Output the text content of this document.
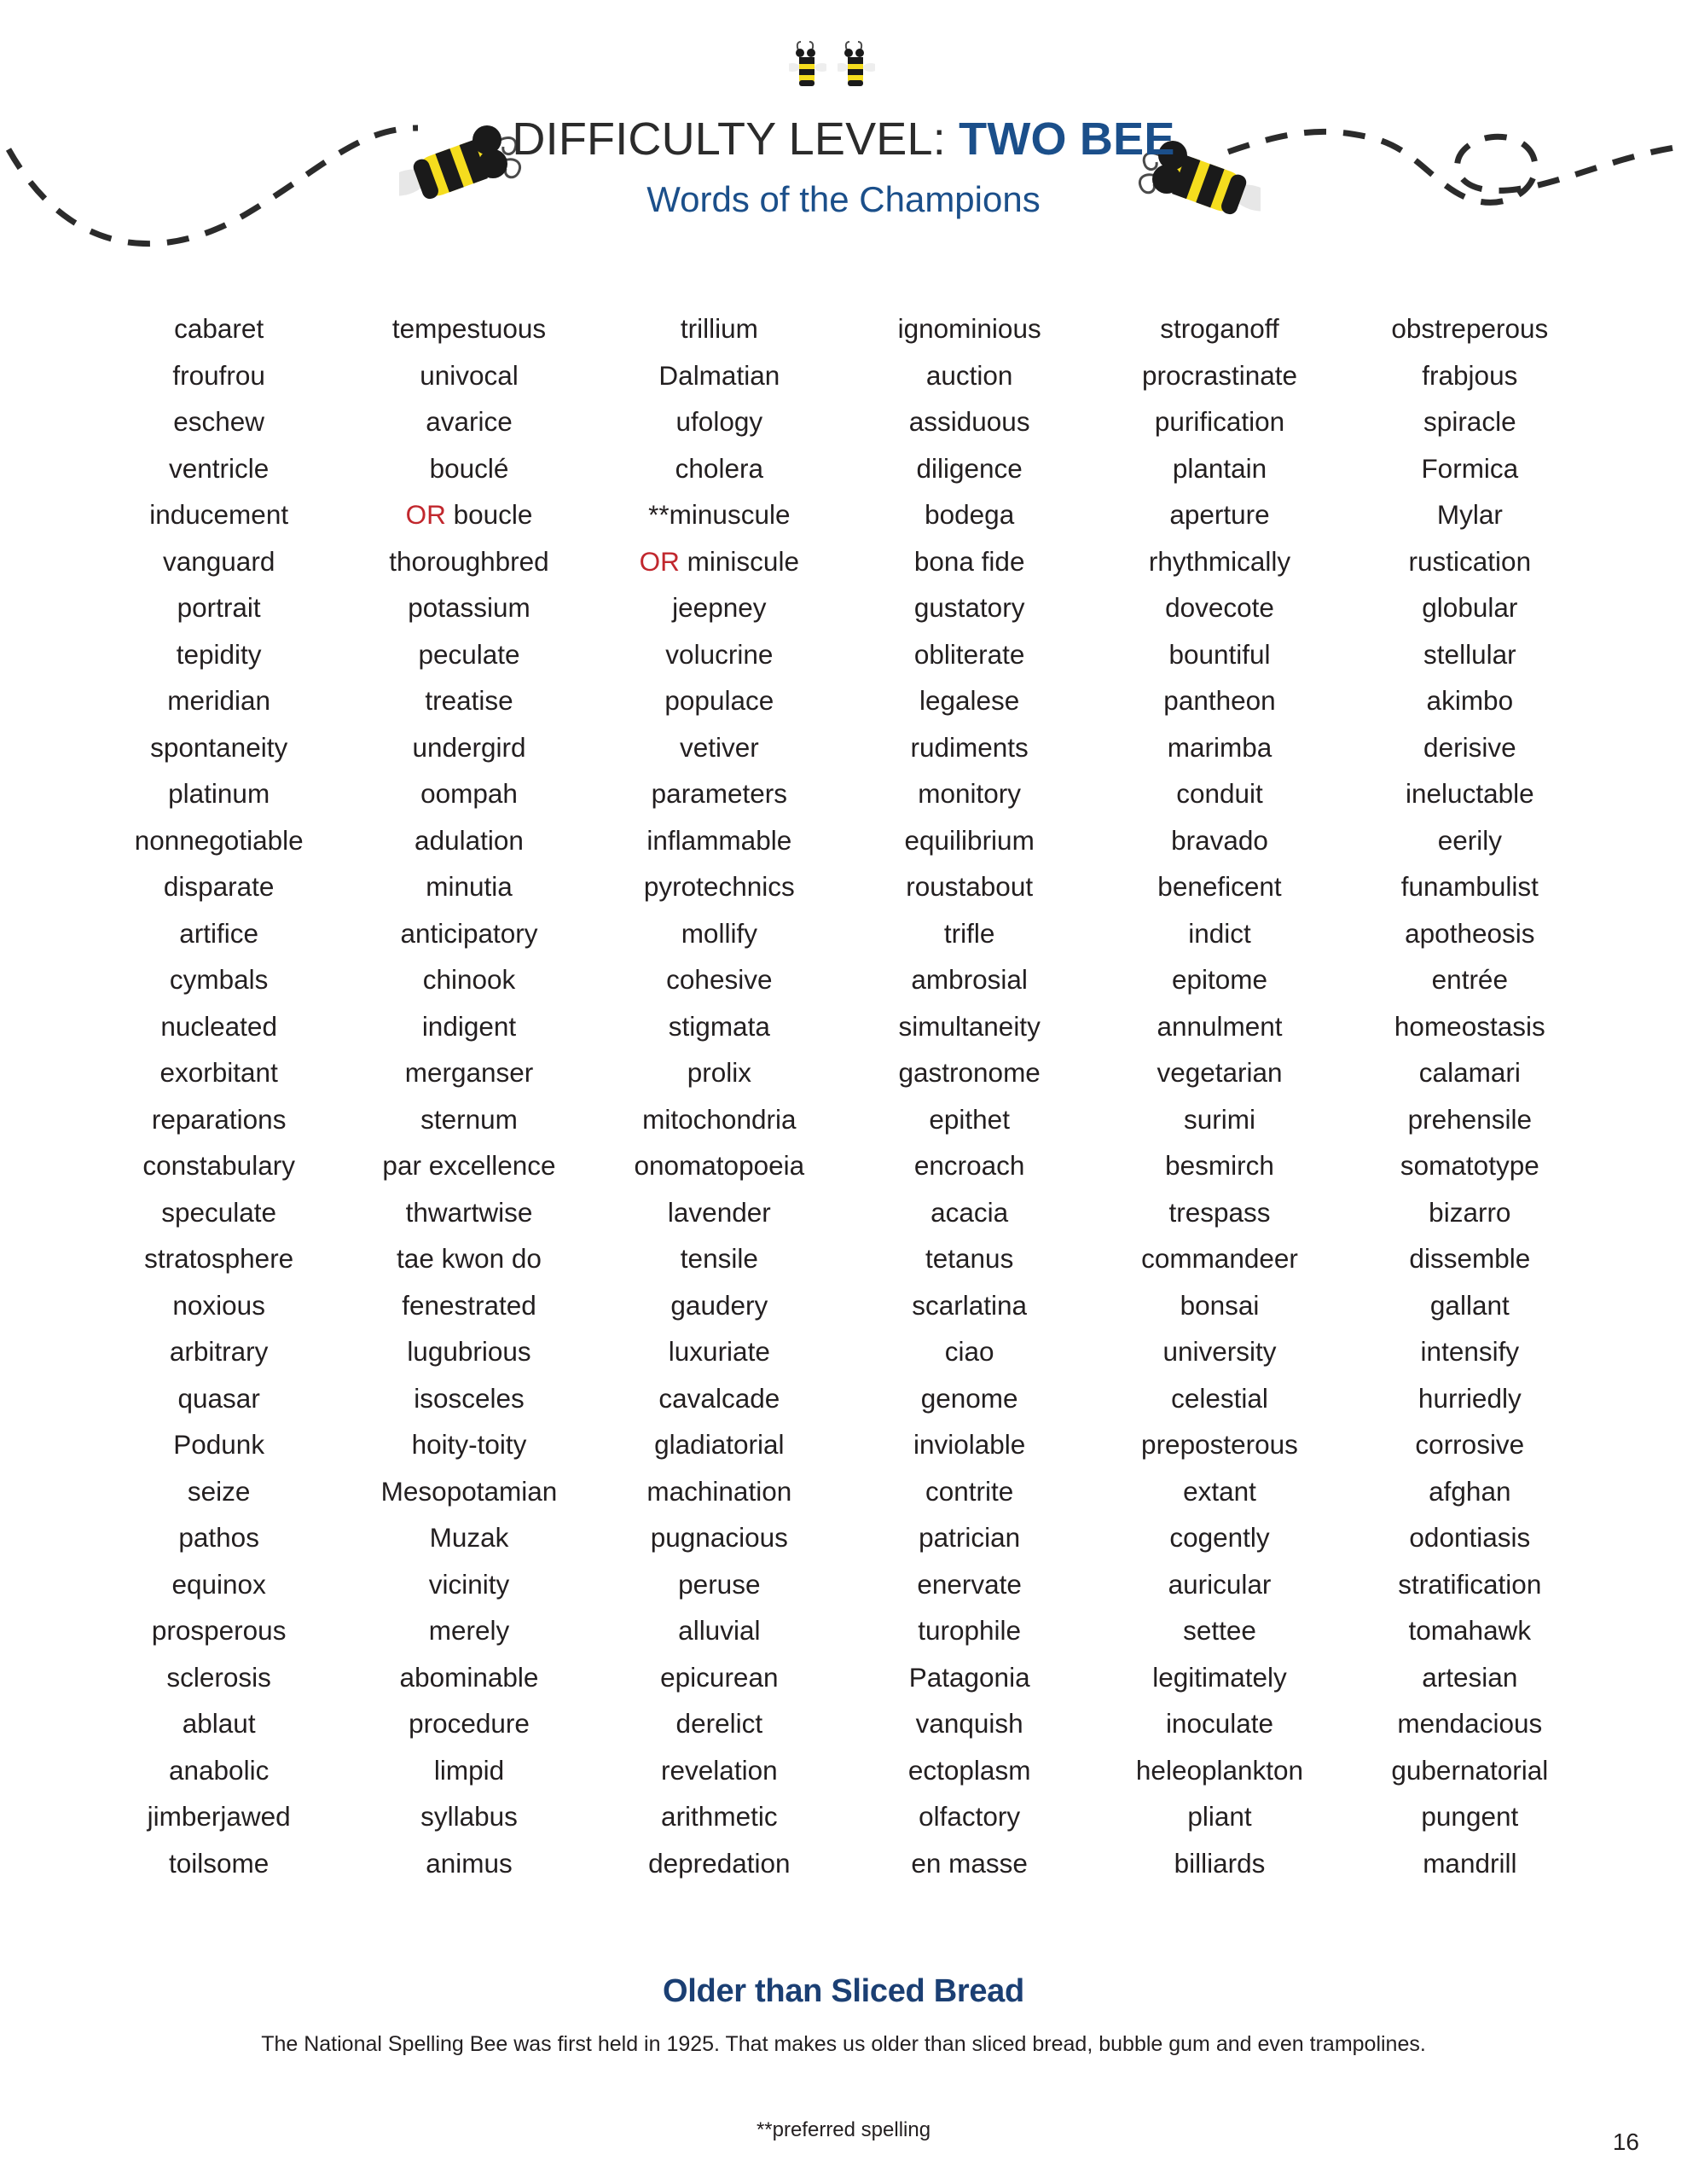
DIFFICULTY LEVEL: TWO BEE
Words of the Champions
cabaret
froufrou
eschew
ventricle
inducement
vanguard
portrait
tepidity
meridian
spontaneity
platinum
nonnegotiable
disparate
artifice
cymbals
nucleated
exorbitant
reparations
constabulary
speculate
stratosphere
noxious
arbitrary
quasar
Podunk
seize
pathos
equinox
prosperous
sclerosis
ablaut
anabolic
jimberjawed
toilsome
tempestuous
univocal
avarice
bouclé
OR boucle
thoroughbred
potassium
peculate
treatise
undergird
oompah
adulation
minutia
anticipatory
chinook
indigent
merganser
sternum
par excellence
thwartwise
tae kwon do
fenestrated
lugubrious
isosceles
hoity-toity
Mesopotamian
Muzak
vicinity
merely
abominable
procedure
limpid
syllabus
animus
trillium
Dalmatian
ufology
cholera
**minuscule
OR miniscule
jeepney
volucrine
populace
vetiver
parameters
inflammable
pyrotechnics
mollify
cohesive
stigmata
prolix
mitochondria
onomatopoeia
lavender
tensile
gaudery
luxuriate
cavalcade
gladiatorial
machination
pugnacious
peruse
alluvial
epicurean
derelict
revelation
arithmetic
depredation
ignominious
auction
assiduous
diligence
bodega
bona fide
gustatory
obliterate
legalese
rudiments
monitory
equilibrium
roustabout
trifle
ambrosial
simultaneity
gastronome
epithet
encroach
acacia
tetanus
scarlatina
ciao
genome
inviolable
contrite
patrician
enervate
turophile
Patagonia
vanquish
ectoplasm
olfactory
en masse
stroganoff
procrastinate
purification
plantain
aperture
rhythmically
dovecote
bountiful
pantheon
marimba
conduit
bravado
beneficent
indict
epitome
annulment
vegetarian
surimi
besmirch
trespass
commandeer
bonsai
university
celestial
preposterous
extant
cogently
auricular
settee
legitimately
inoculate
heleoplankton
pliant
billiards
obstreperous
frabjous
spiracle
Formica
Mylar
rustication
globular
stellular
akimbo
derisive
ineluctable
eerily
funambulist
apotheosis
entrée
homeostasis
calamari
prehensile
somatotype
bizarro
dissemble
gallant
intensify
hurriedly
corrosive
afghan
odontiasis
stratification
tomahawk
artesian
mendacious
gubernatorial
pungent
mandrill
Older than Sliced Bread
The National Spelling Bee was first held in 1925. That makes us older than sliced bread, bubble gum and even trampolines.
**preferred spelling	16
